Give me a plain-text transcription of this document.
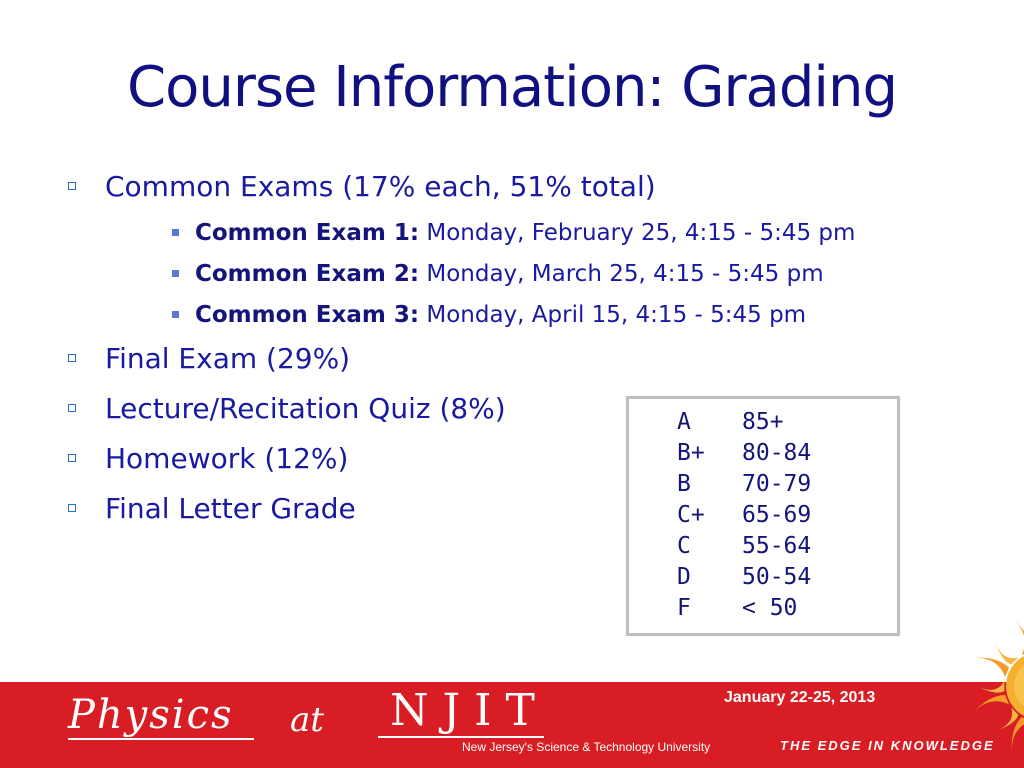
Course Information: Grading
Common Exams (17% each, 51% total)
Common Exam 1: Monday, February 25, 4:15 - 5:45 pm
Common Exam 2: Monday, March 25, 4:15 - 5:45 pm
Common Exam 3: Monday, April 15, 4:15 - 5:45 pm
Final Exam (29%)
Lecture/Recitation Quiz (8%)
Homework (12%)
Final Letter Grade
A 85+
B+ 80-84
B 70-79
C+ 65-69
C 55-64
D 50-54
F < 50
Physics at NJIT
New Jersey's Science & Technology University
January 22-25, 2013
THE EDGE IN KNOWLEDGE
